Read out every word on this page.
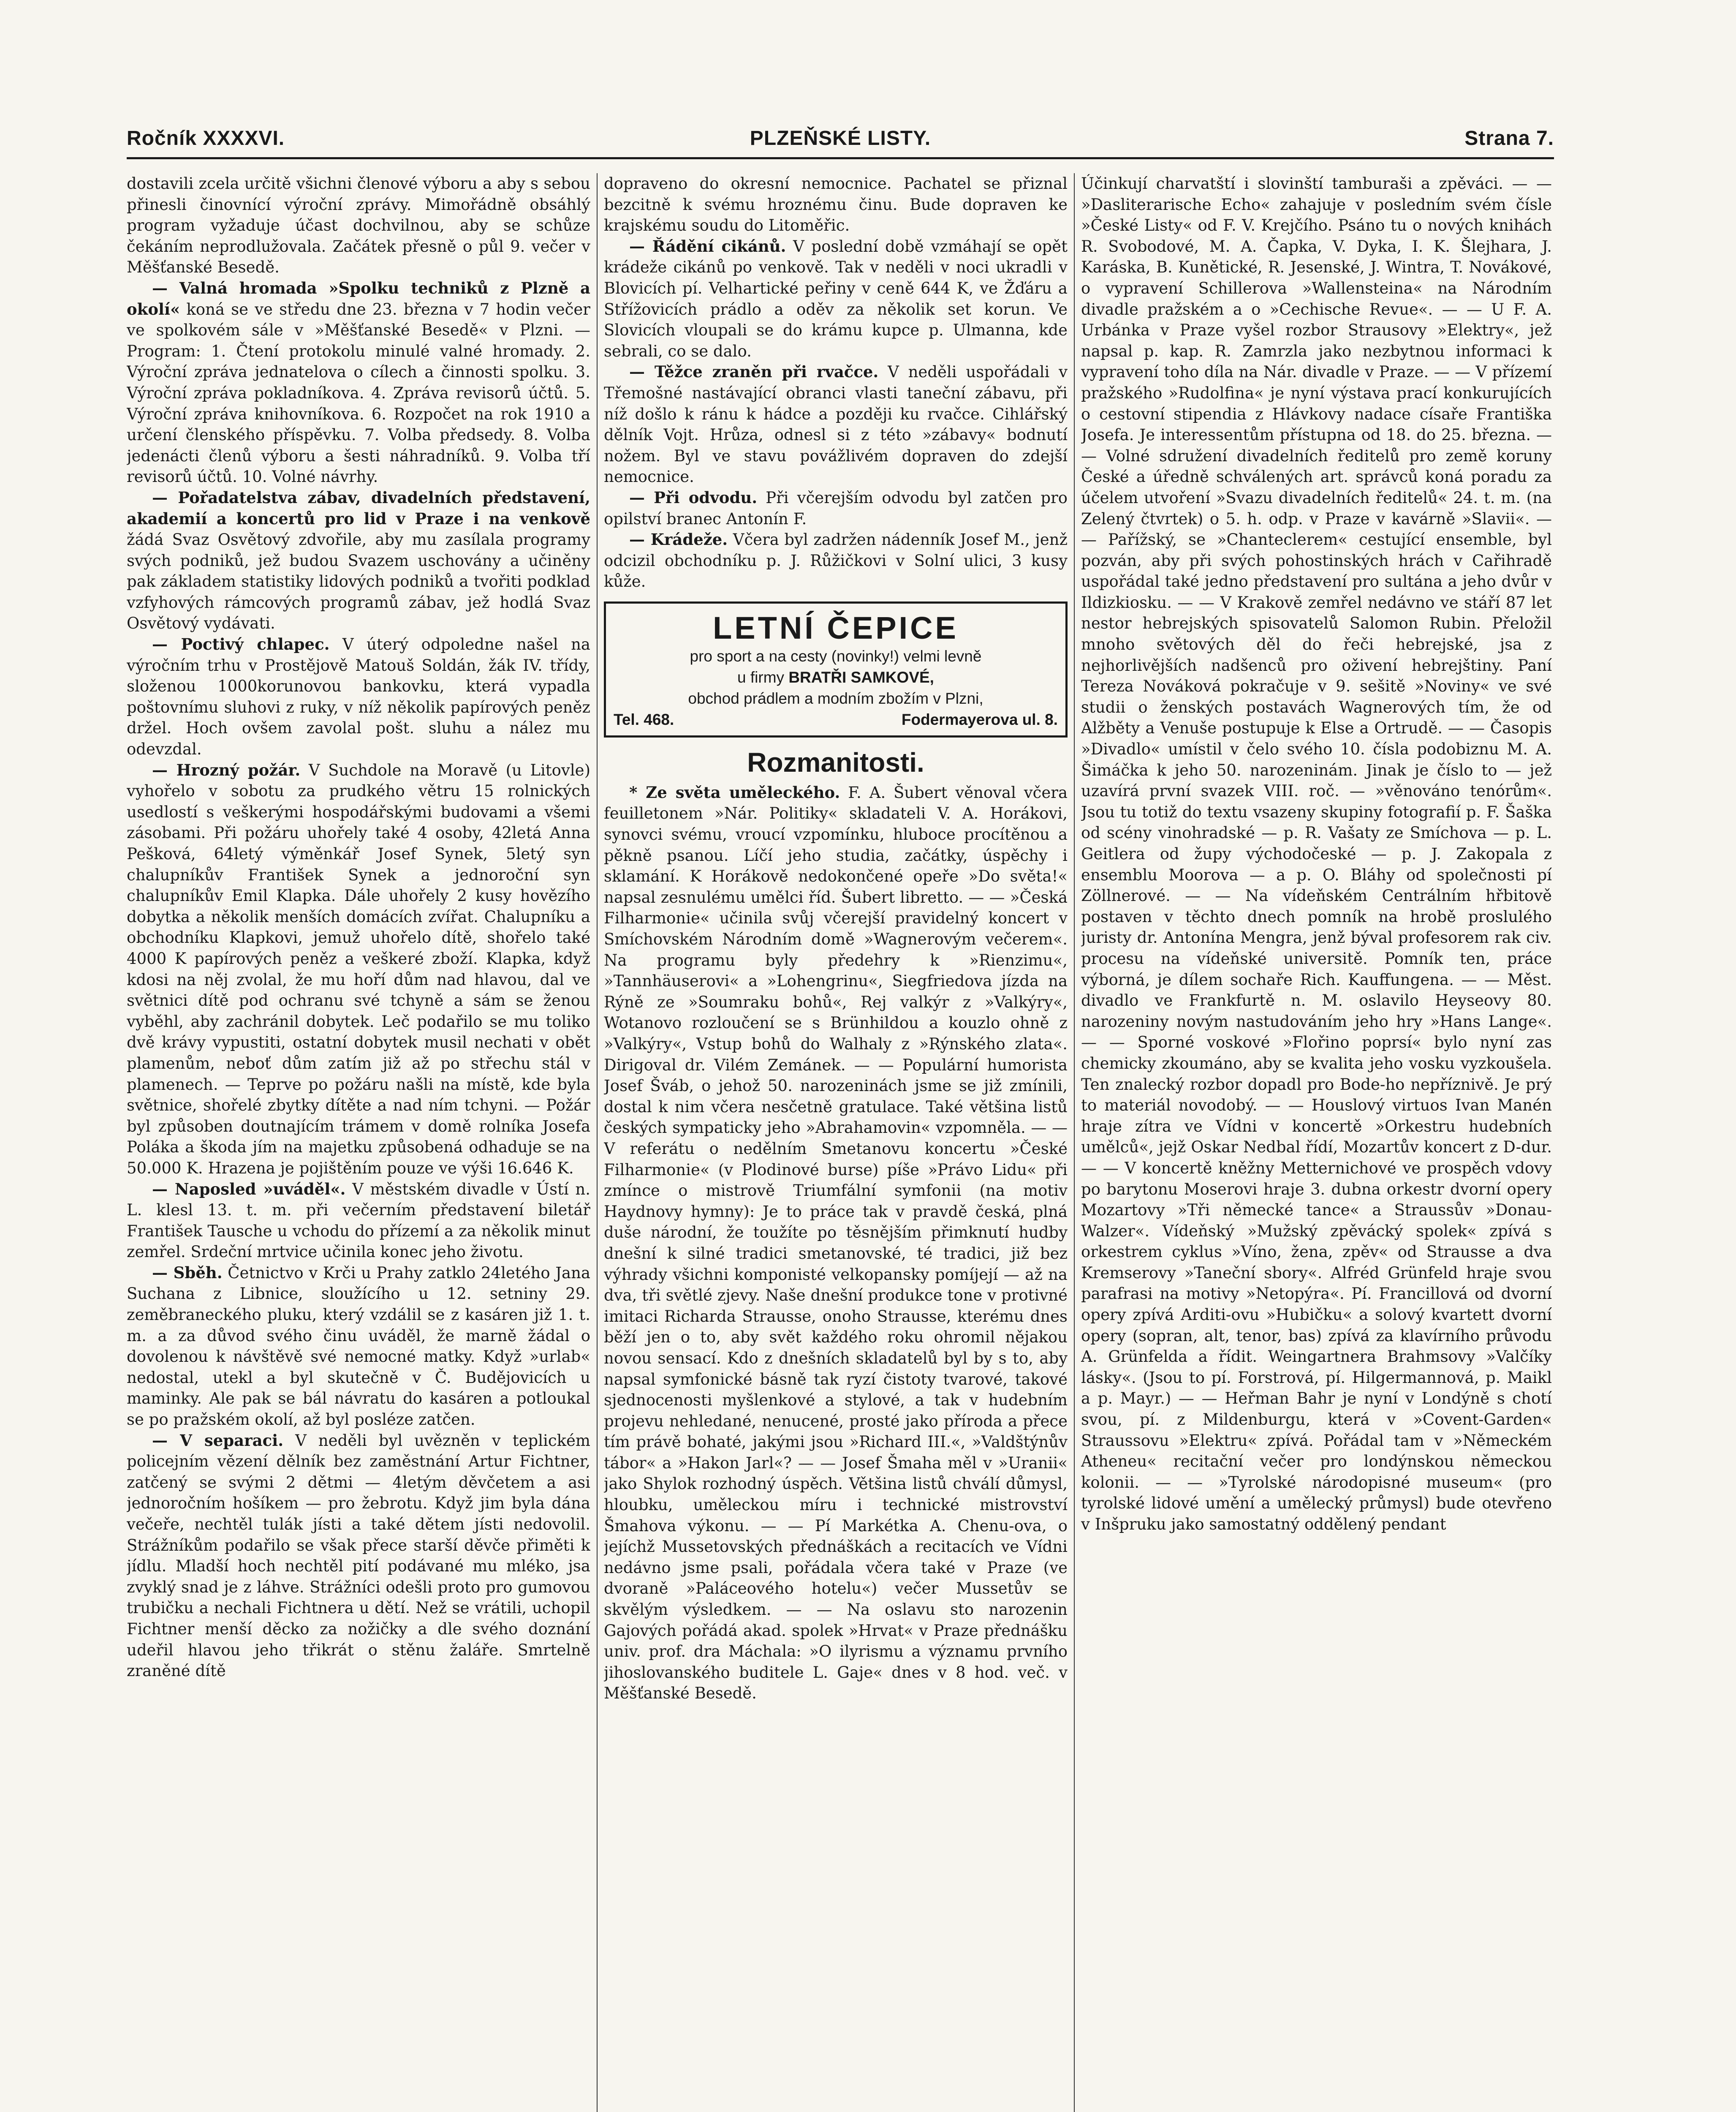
Ročník XXXXVI.	PLZEŇSKÉ LISTY.	Strana 7.

dostavili zcela určitě všichni členové výboru a aby s sebou přinesli činovnící výroční zprávy. Mimořádně obsáhlý program vyžaduje účast dochvilnou, aby se schůze čekáním neprodlužovala. Začátek přesně o půl 9. večer v Měšťanské Besedě.

— Valná hromada »Spolku techniků z Plzně a okolí« koná se ve středu dne 23. března v 7 hodin večer ve spolkovém sále v »Měšťanské Besedě« v Plzni. — Program: 1. Čtení protokolu minulé valné hromady. 2. Výroční zpráva jednatelova o cílech a činnosti spolku. 3. Výroční zpráva pokladníkova. 4. Zpráva revisorů účtů. 5. Výroční zpráva knihovníkova. 6. Rozpočet na rok 1910 a určení členského příspěvku. 7. Volba předsedy. 8. Volba jedenácti členů výboru a šesti náhradníků. 9. Volba tří revisorů účtů. 10. Volné návrhy.

— Pořadatelstva zábav, divadelních představení, akademií a koncertů pro lid v Praze i na venkově žádá Svaz Osvětový zdvořile, aby mu zasílala programy svých podniků, jež budou Svazem uschovány a učiněny pak základem statistiky lidových podniků a tvořiti podklad vzfyhových rámcových programů zábav, jež hodlá Svaz Osvětový vydávati.

— Poctivý chlapec. V úterý odpoledne našel na výročním trhu v Prostějově Matouš Soldán, žák IV. třídy, složenou 1000korunovou bankovku, která vypadla poštovnímu sluhovi z ruky, v níž několik papírových peněz držel. Hoch ovšem zavolal pošt. sluhu a nález mu odevzdal.

— Hrozný požár. V Suchdole na Moravě (u Litovle) vyhořelo v sobotu za prudkého větru 15 rolnických usedlostí s veškerými hospodářskými budovami a všemi zásobami. Při požáru uhořely také 4 osoby, 42letá Anna Pešková, 64letý výměnkář Josef Synek, 5letý syn chalupníkův František Synek a jednoroční syn chalupníkův Emil Klapka. Dále uhořely 2 kusy hovězího dobytka a několik menších domácích zvířat. Chalupníku a obchodníku Klapkovi, jemuž uhořelo dítě, shořelo také 4000 K papírových peněz a veškeré zboží. Klapka, když kdosi na něj zvolal, že mu hoří dům nad hlavou, dal ve světnici dítě pod ochranu své tchyně a sám se ženou vyběhl, aby zachránil dobytek. Leč podařilo se mu toliko dvě krávy vypustiti, ostatní dobytek musil nechati v obět plamenům, neboť dům zatím již až po střechu stál v plamenech. — Teprve po požáru našli na místě, kde byla světnice, shořelé zbytky dítěte a nad ním tchyni. — Požár byl způsoben doutnajícím trámem v domě rolníka Josefa Poláka a škoda jím na majetku způsobená odhaduje se na 50.000 K. Hrazena je pojištěním pouze ve výši 16.646 K.

— Naposled »uváděl«. V městském divadle v Ústí n. L. klesl 13. t. m. při večerním představení biletář František Tausche u vchodu do přízemí a za několik minut zemřel. Srdeční mrtvice učinila konec jeho životu.

— Sběh. Četnictvo v Krči u Prahy zatklo 24letého Jana Suchana z Libnice, sloužícího u 12. setniny 29. zeměbraneckého pluku, který vzdálil se z kasáren již 1. t. m. a za důvod svého činu uváděl, že marně žádal o dovolenou k návštěvě své nemocné matky. Když »urlab« nedostal, utekl a byl skutečně v Č. Budějovicích u maminky. Ale pak se bál návratu do kasáren a potloukal se po pražském okolí, až byl posléze zatčen.

— V separaci. V neděli byl uvězněn v teplickém policejním vězení dělník bez zaměstnání Artur Fichtner, zatčený se svými 2 dětmi — 4letým děvčetem a asi jednoročním hošíkem — pro žebrotu. Když jim byla dána večeře, nechtěl tulák jísti a také dětem jísti nedovolil. Strážníkům podařilo se však přece starší děvče přiměti k jídlu. Mladší hoch nechtěl pití podávané mu mléko, jsa zvyklý snad je z láhve. Strážníci odešli proto pro gumovou trubičku a nechali Fichtnera u dětí. Než se vrátili, uchopil Fichtner menší děcko za nožičky a dle svého doznání udeřil hlavou jeho třikrát o stěnu žaláře. Smrtelně zraněné dítě

dopraveno do okresní nemocnice. Pachatel se přiznal bezcitně k svému hroznému činu. Bude dopraven ke krajskému soudu do Litoměřic.

— Řádění cikánů. V poslední době vzmáhají se opět krádeže cikánů po venkově. Tak v neděli v noci ukradli v Blovicích pí. Velhartické peřiny v ceně 644 K, ve Žďáru a Střížovicích prádlo a oděv za několik set korun. Ve Slovicích vloupali se do krámu kupce p. Ulmanna, kde sebrali, co se dalo.

— Těžce zraněn při rvačce. V neděli uspořádali v Třemošné nastávající obranci vlasti taneční zábavu, při níž došlo k ránu k hádce a později ku rvačce. Cihlářský dělník Vojt. Hrůza, odnesl si z této »zábavy« bodnutí nožem. Byl ve stavu povážlivém dopraven do zdejší nemocnice.

— Při odvodu. Při včerejším odvodu byl zatčen pro opilství branec Antonín F.

— Krádeže. Včera byl zadržen nádenník Josef M., jenž odcizil obchodníku p. J. Růžičkovi v Solní ulici, 3 kusy kůže.

LETNÍ ČEPICE
pro sport a na cesty (novinky!) velmi levně
u firmy BRATŘI SAMKOVÉ,
obchod prádlem a modním zbožím v Plzni,
Tel. 468.	Fodermayerova ul. 8.
Rozmanitosti.

* Ze světa uměleckého. F. A. Šubert věnoval včera feuilletonem »Nár. Politiky« skladateli V. A. Horákovi, synovci svému, vroucí vzpomínku, hlubocе procítěnou a pěkně psanou. Líčí jeho studia, začátky, úspěchy i sklamání. K Horákově nedokončené opeře »Do světa!« napsal zesnulému umělci říd. Šubert libretto. — — »Česká Filharmonie« učinila svůj včerejší pravidelný koncert v Smíchovském Národním domě »Wagnerovým večerem«. Na programu byly předehry k »Rienzimu«, »Tannhäuserovi« a »Lohengrinu«, Siegfriedova jízda na Rýně ze »Soumraku bohů«, Rej valkýr z »Valkýry«, Wotanovo rozloučení se s Brünhildou a kouzlo ohně z »Valkýry«, Vstup bohů do Walhaly z »Rýnského zlata«. Dirigoval dr. Vilém Zemánek. — — Populární humorista Josef Šváb, o jehož 50. narozeninách jsme se již zmínili, dostal k nim včera nesčetně gratulace. Také většina listů českých sympaticky jeho »Abrahamovin« vzpomněla. — — V referátu o nedělním Smetanovu koncertu »České Filharmonie« (v Plodinové burse) píše »Právo Lidu« při zmínce o mistrově Triumfální symfonii (na motiv Haydnovy hymny): Je to práce tak v pravdě česká, plná duše národní, že toužíte po těsnějším přimknutí hudby dnešní k silné tradici smetanovské, té tradici, již bez výhrady všichni komponisté velkopansky pomíjejí — až na dva, tři světlé zjevy. Naše dnešní produkce tone v protivné imitaci Richarda Strausse, onoho Strausse, kterému dnes běží jen o to, aby svět každého roku ohromil nějakou novou sensací. Kdo z dnešních skladatelů byl by s to, aby napsal symfonické básně tak ryzí čistoty tvarové, takové sjednocenosti myšlenkové a stylové, a tak v hudebním projevu nehledané, nenucené, prosté jako příroda a přece tím právě bohaté, jakými jsou »Richard III.«, »Valdštýnův tábor« a »Hakon Jarl«? — — Josef Šmaha měl v »Uranii« jako Shylok rozhodný úspěch. Většina listů chválí důmysl, hloubku, uměleckou míru i technické mistrovství Šmahova výkonu. — — Pí Markétka A. Chenu-ova, o jejíchž Mussetovských přednáškách a recitacích ve Vídni nedávno jsme psali, pořádala včera také v Praze (ve dvoraně »Paláceového hotelu«) večer Mussetův se skvělým výsledkem. — — Na oslavu sto narozenin Gajových pořádá akad. spolek »Hrvat« v Praze přednášku univ. prof. dra Máchala: »O ilyrismu a významu prvního jihoslovanského buditele L. Gaje« dnes v 8 hod. več. v Měšťanské Besedě.

Účinkují charvatští i slovinští tamburaši a zpěváci. — — »Dasliterarische Echo« zahajuje v posledním svém čísle »České Listy« od F. V. Krejčího. Psáno tu o nových knihách R. Svobodové, M. A. Čapka, V. Dyka, I. K. Šlejhara, J. Karáska, B. Kunětické, R. Jesenské, J. Wintra, T. Novákové, o vypravení Schillerova »Wallensteina« na Národním divadle pražském a o »Cechische Revue«. — — U F. A. Urbánka v Praze vyšel rozbor Strausovy »Elektry«, jež napsal p. kap. R. Zamrzla jako nezbytnou informaci k vypravení toho díla na Nár. divadle v Praze. — — V přízemí pražského »Rudolfina« je nyní výstava prací konkurujících o cestovní stipendia z Hlávkovy nadace císaře Františka Josefa. Je interessentům přístupna od 18. do 25. března. — — Volné sdružení divadelních ředitelů pro země koruny České a úředně schválených art. správců koná poradu za účelem utvoření »Svazu divadelních ředitelů« 24. t. m. (na Zelený čtvrtek) o 5. h. odp. v Praze v kavárně »Slavii«. — — Pařížský, se »Chanteclerem« cestující ensemble, byl pozván, aby při svých pohostinských hrách v Cařihradě uspořádal také jedno představení pro sultána a jeho dvůr v Ildizkiosku. — — V Krakově zemřel nedávno ve stáří 87 let nestor hebrejských spisovatelů Salomon Rubin. Přeložil mnoho světových děl do řeči hebrejské, jsa z nejhorlivějších nadšenců pro oživení hebrejštiny. Paní Tereza Nováková pokračuje v 9. sešitě »Noviny« ve své studii o ženských postavách Wagnerových tím, že od Alžběty a Venuše postupuje k Else a Ortrudě. — — Časopis »Divadlo« umístil v čelo svého 10. čísla podobiznu M. A. Šimáčka k jeho 50. narozeninám. Jinak je číslo to — jež uzavírá první svazek VIII. roč. — »věnováno tenórům«. Jsou tu totiž do textu vsazeny skupiny fotografií p. F. Šaška od scény vinohradské — p. R. Vašaty ze Smíchova — p. L. Geitlera od župy východočeské — p. J. Zakopala z ensemblu Moorova — a p. O. Bláhy od společnosti pí Zöllnerové. — — Na vídeňském Centrálním hřbitově postaven v těchto dnech pomník na hrobě proslulého juristy dr. Antonína Mengra, jenž býval profesorem rak civ. procesu na vídeňské universitě. Pomník ten, práce výborná, je dílem sochaře Rich. Kauffungena. — — Měst. divadlo ve Frankfurtě n. M. oslavilo Heyseovy 80. narozeniny novým nastudováním jeho hry »Hans Lange«. — — Sporné voskové »Flořino poprsí« bylo nyní zas chemicky zkoumáno, aby se kvalita jeho vosku vyzkoušela. Ten znalecký rozbor dopadl pro Bode-ho nepříznivě. Je prý to materiál novodobý. — — Houslový virtuos Ivan Manén hraje zítra ve Vídni v koncertě »Orkestru hudebních umělců«, jejž Oskar Nedbal řídí, Mozartův koncert z D-dur. — — V koncertě kněžny Metternichové ve prospěch vdovy po barytonu Moserovi hraje 3. dubna orkestr dvorní opery Mozartovy »Tři německé tance« a Straussův »Donau-Walzer«. Vídeňský »Mužský zpěvácký spolek« zpívá s orkestrem cyklus »Víno, žena, zpěv« od Strausse a dva Kremserovy »Taneční sbory«. Alfréd Grünfeld hraje svou parafrasi na motivy »Netopýra«. Pí. Francillová od dvorní opery zpívá Arditi-ovu »Hubičku« a solový kvartett dvorní opery (sopran, alt, tenor, bas) zpívá za klavírního průvodu A. Grünfelda a řídit. Weingartnera Brahmsovy »Valčíky lásky«. (Jsou to pí. Forstrová, pí. Hilgermannová, p. Maikl a p. Mayr.) — — Heřman Bahr je nyní v Londýně s chotí svou, pí. z Mildenburgu, která v »Covent-Garden« Straussovu »Elektru« zpívá. Pořádal tam v »Německém Atheneu« recitační večer pro londýnskou německou kolonii. — — »Tyrolské národopisné museum« (pro tyrolské lidové umění a umělecký průmysl) bude otevřeno v Inšpruku jako samostatný oddělený pendant
